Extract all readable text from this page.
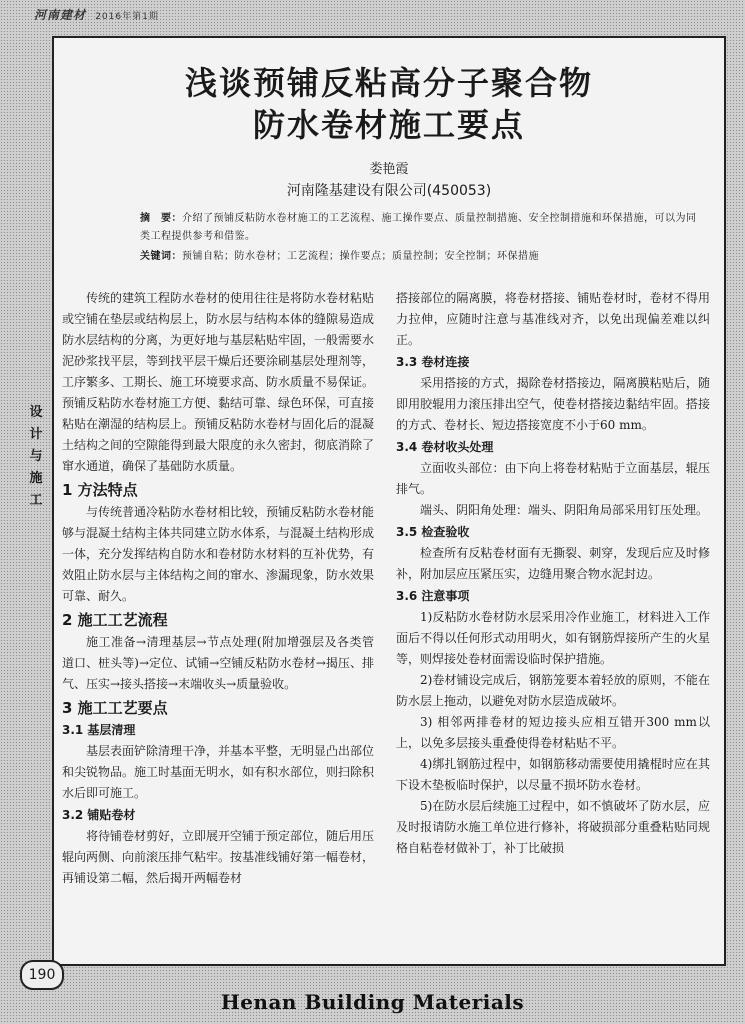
河南建材 2016年第1期
浅谈预铺反粘高分子聚合物
防水卷材施工要点
娄艳霞
河南隆基建设有限公司(450053)
摘　要：介绍了预铺反粘防水卷材施工的工艺流程、施工操作要点、质量控制措施、安全控制措施和环保措施，可以为同类工程提供参考和借鉴。
关键词：预铺自粘；防水卷材；工艺流程；操作要点；质量控制；安全控制；环保措施

传统的建筑工程防水卷材的使用往往是将防水卷材粘贴或空铺在垫层或结构层上，防水层与结构本体的缝隙易造成防水层结构的分离，为更好地与基层粘贴牢固，一般需要水泥砂浆找平层，等到找平层干燥后还要涂刷基层处理剂等，工序繁多、工期长、施工环境要求高、防水质量不易保证。预铺反粘防水卷材施工方便、黏结可靠、绿色环保，可直接粘贴在潮湿的结构层上。预铺反粘防水卷材与固化后的混凝土结构之间的空隙能得到最大限度的永久密封，彻底消除了窜水通道，确保了基础防水质量。

1 方法特点

与传统普通冷粘防水卷材相比较，预铺反粘防水卷材能够与混凝土结构主体共同建立防水体系，与混凝土结构形成一体，充分发挥结构自防水和卷材防水材料的互补优势，有效阻止防水层与主体结构之间的窜水、渗漏现象，防水效果可靠、耐久。

2 施工工艺流程

施工准备→清理基层→节点处理(附加增强层及各类管道口、桩头等)→定位、试铺→空铺反粘防水卷材→揭压、排气、压实→接头搭接→末端收头→质量验收。

3 施工工艺要点
3.1 基层清理

基层表面铲除清理干净，并基本平整，无明显凸出部位和尖锐物品。施工时基面无明水，如有积水部位，则扫除积水后即可施工。

3.2 铺贴卷材

将待铺卷材剪好，立即展开空铺于预定部位，随后用压辊向两侧、向前滚压排气粘牢。按基准线铺好第一幅卷材，再铺设第二幅，然后揭开两幅卷材

搭接部位的隔离膜，将卷材搭接、铺贴卷材时，卷材不得用力拉伸，应随时注意与基准线对齐，以免出现偏差难以纠正。

3.3 卷材连接

采用搭接的方式，揭除卷材搭接边，隔离膜粘贴后，随即用胶辊用力滚压排出空气，使卷材搭接边黏结牢固。搭接的方式、卷材长、短边搭接宽度不小于60 mm。

3.4 卷材收头处理

立面收头部位：由下向上将卷材粘贴于立面基层，辊压排气。

端头、阴阳角处理：端头、阴阳角局部采用钉压处理。

3.5 检查验收

检查所有反粘卷材面有无撕裂、刺穿，发现后应及时修补，附加层应压紧压实，边缝用聚合物水泥封边。

3.6 注意事项

1)反粘防水卷材防水层采用冷作业施工，材料进入工作面后不得以任何形式动用明火，如有钢筋焊接所产生的火星等，则焊接处卷材面需设临时保护措施。

2)卷材铺设完成后，钢筋笼要本着轻放的原则，不能在防水层上拖动，以避免对防水层造成破坏。

3) 相邻两排卷材的短边接头应相互错开300 mm以上，以免多层接头重叠使得卷材粘贴不平。

4)绑扎钢筋过程中，如钢筋移动需要使用撬棍时应在其下设木垫板临时保护，以尽量不损坏防水卷材。

5)在防水层后续施工过程中，如不慎破坏了防水层，应及时报请防水施工单位进行修补，将破损部分重叠粘贴同规格自粘卷材做补丁，补丁比破损

设
计
与
施
工
190
Henan Building Materials
